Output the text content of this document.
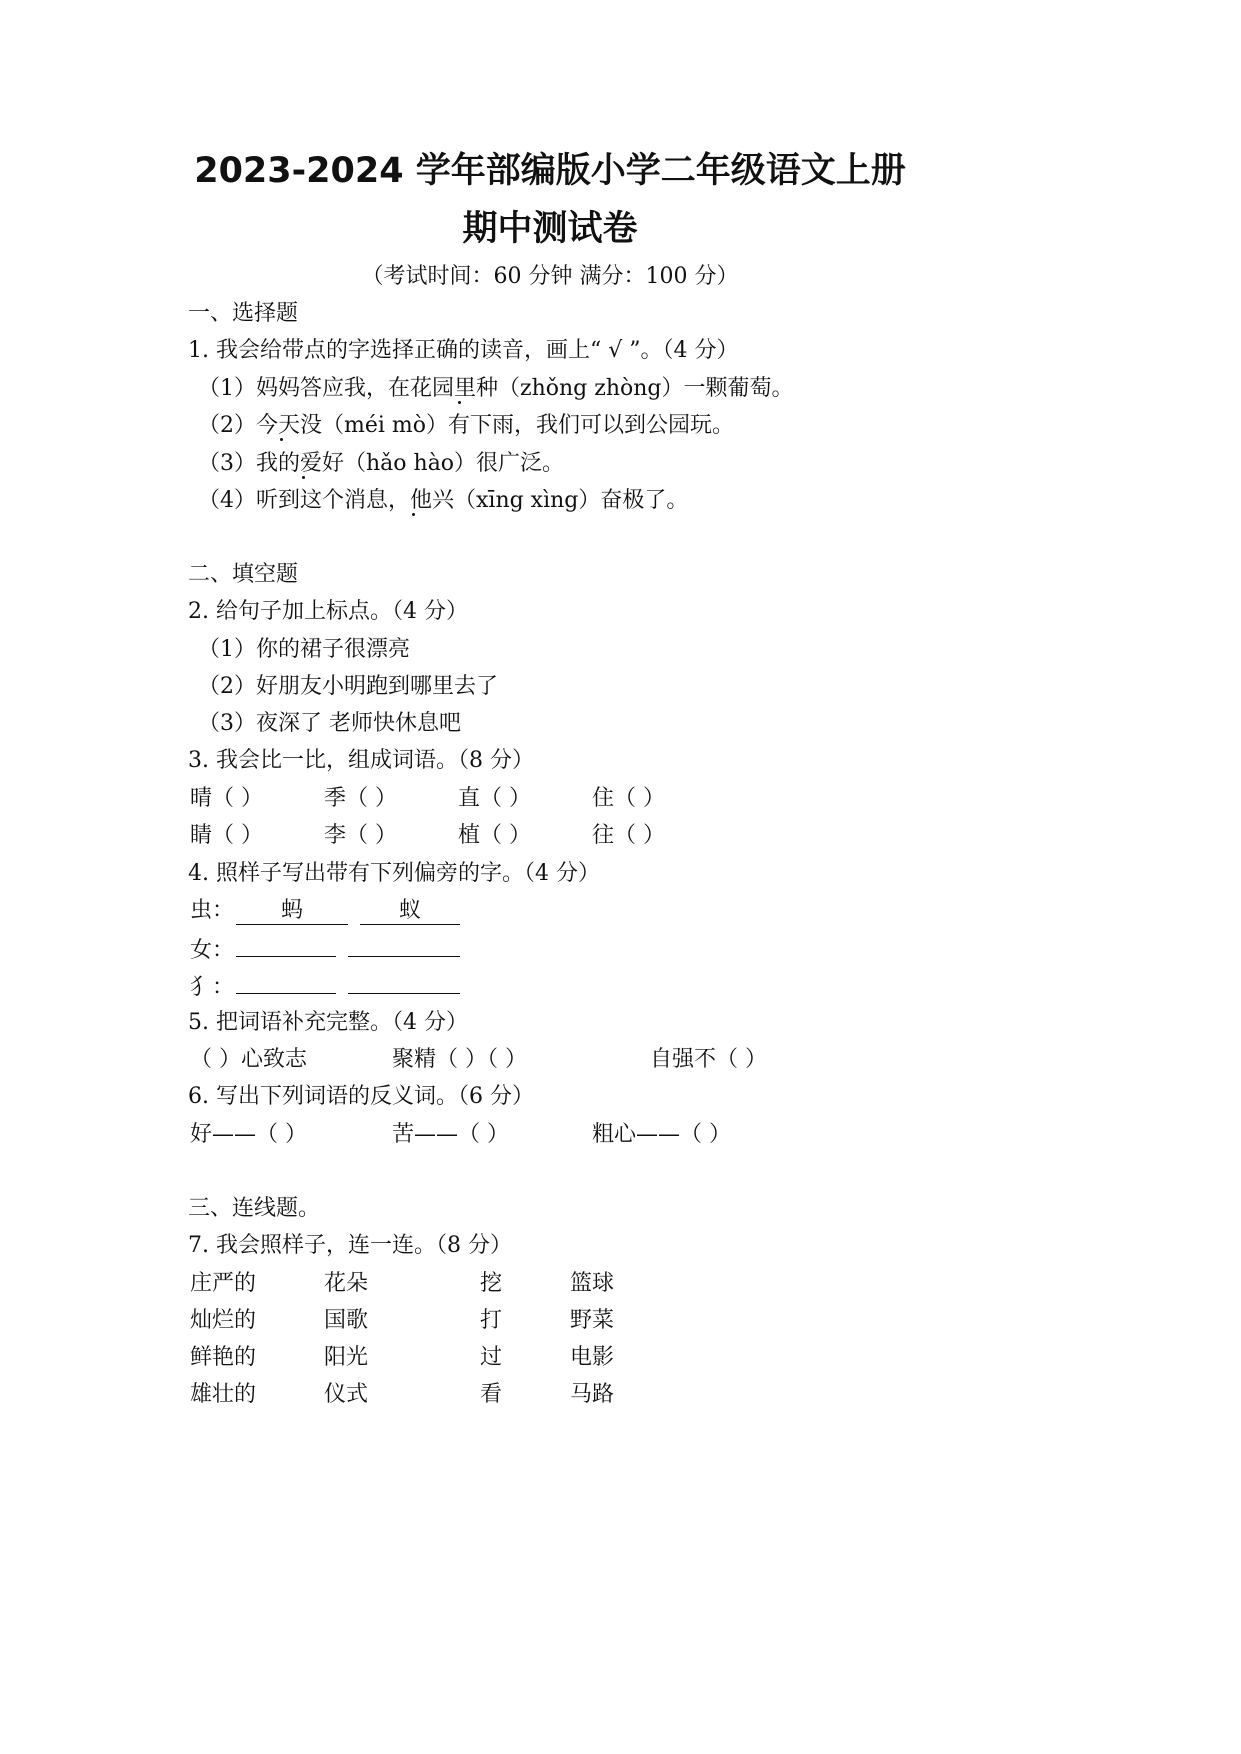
2023-2024 学年部编版小学二年级语文上册
期中测试卷
（考试时间：60 分钟 满分：100 分）
一、选择题
1. 我会给带点的字选择正确的读音，画上“ √ ”。（4 分）
（1）妈妈答应我，在花园里种（zhǒng zhòng）一颗葡萄。
（2）今天没（méi mò）有下雨，我们可以到公园玩。
（3）我的爱好（hǎo hào）很广泛。
（4）听到这个消息，他兴（xīng xìng）奋极了。
二、填空题
2. 给句子加上标点。（4 分）
（1）你的裙子很漂亮
（2）好朋友小明跑到哪里去了
（3）夜深了 老师快休息吧
3. 我会比一比，组成词语。（8 分）
晴（ ）	季（ ）	直（ ）	住（ ）
睛（ ）	李（ ）	植（ ）	往（ ）
4. 照样子写出带有下列偏旁的字。（4 分）
虫： 蚂	蚁
女：
犭：
5. 把词语补充完整。（4 分）
（ ）心致志	聚精（ ）（ ）	自强不（ ）
6. 写出下列词语的反义词。（6 分）
好——（ ）	苦——（ ）	粗心——（ ）
三、连线题。
7. 我会照样子，连一连。（8 分）
庄严的	花朵	挖	篮球
灿烂的	国歌	打	野菜
鲜艳的	阳光	过	电影
雄壮的	仪式	看	马路
